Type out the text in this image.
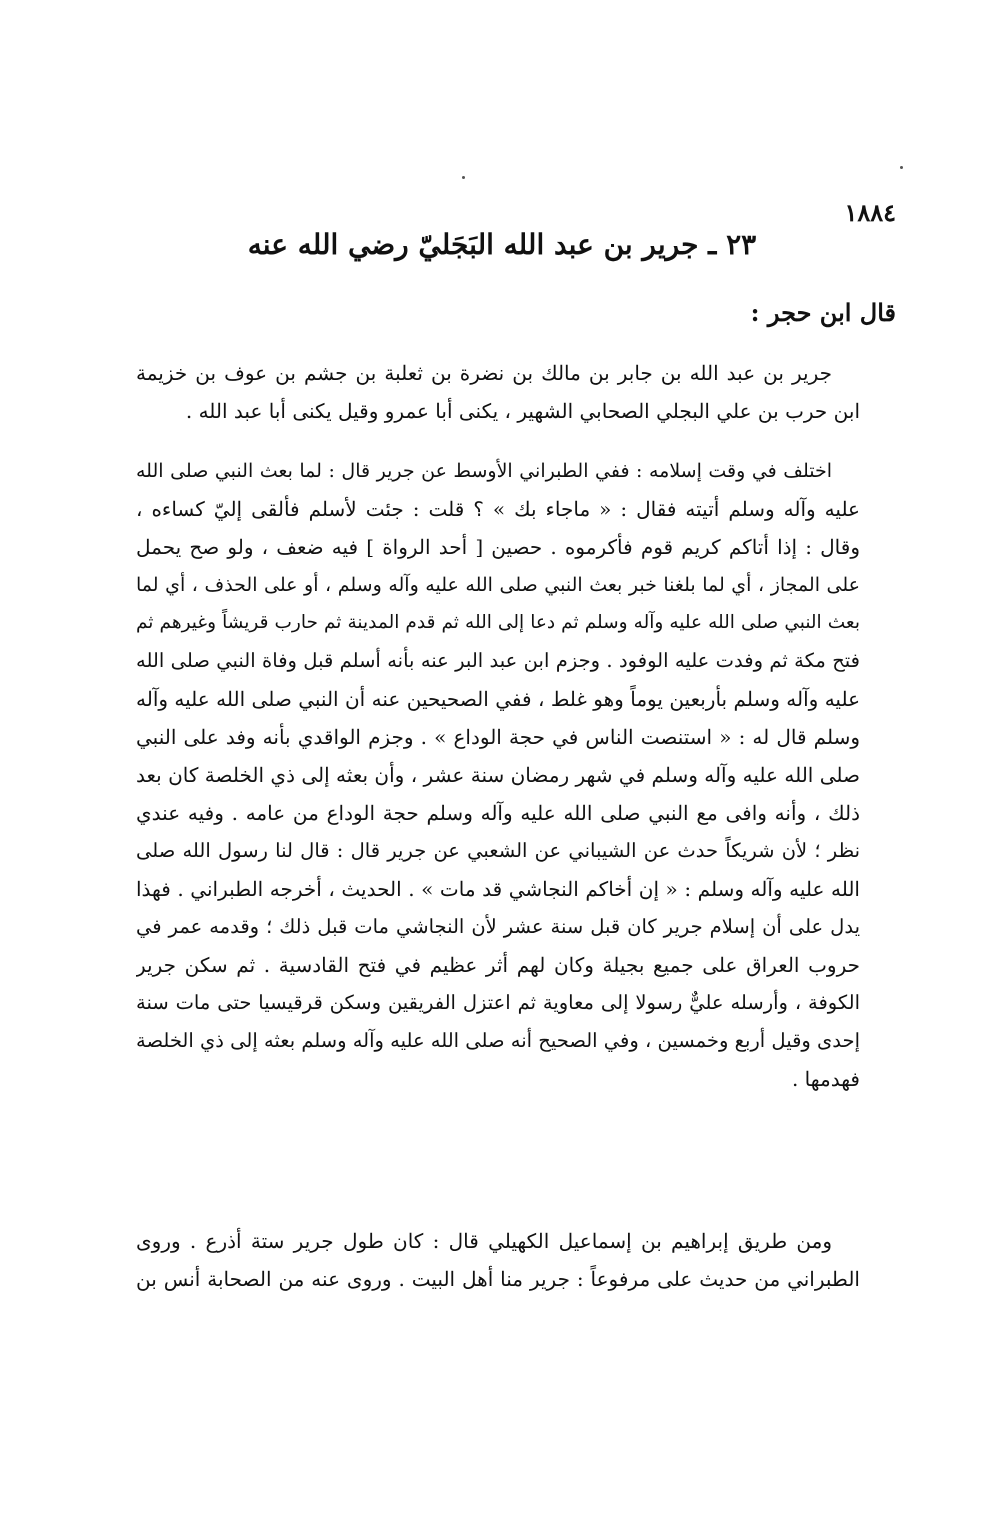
١٨٨٤
٢٣ ـ جرير بن عبد الله البَجَليّ رضي الله عنه
قال ابن حجر :
جرير بن عبد الله بن جابر بن مالك بن نضرة بن ثعلبة بن جشم بن عوف بن خزيمة
ابن حرب بن علي البجلي الصحابي الشهير ، يكنى أبا عمرو وقيل يكنى أبا عبد الله .
اختلف في وقت إسلامه : ففي الطبراني الأوسط عن جرير قال : لما بعث النبي صلى الله
عليه وآله وسلم أتيته فقال : « ماجاء بك » ؟ قلت : جئت لأسلم فألقى إليّ كساءه ،
وقال : إذا أتاكم كريم قوم فأكرموه . حصين [ أحد الرواة ] فيه ضعف ، ولو صح يحمل
على المجاز ، أي لما بلغنا خبر بعث النبي صلى الله عليه وآله وسلم ، أو على الحذف ، أي لما
بعث النبي صلى الله عليه وآله وسلم ثم دعا إلى الله ثم قدم المدينة ثم حارب قريشاً وغيرهم ثم
فتح مكة ثم وفدت عليه الوفود . وجزم ابن عبد البر عنه بأنه أسلم قبل وفاة النبي صلى الله
عليه وآله وسلم بأربعين يوماً وهو غلط ، ففي الصحيحين عنه أن النبي صلى الله عليه وآله
وسلم قال له : « استنصت الناس في حجة الوداع » . وجزم الواقدي بأنه وفد على النبي
صلى الله عليه وآله وسلم في شهر رمضان سنة عشر ، وأن بعثه إلى ذي الخلصة كان بعد
ذلك ، وأنه وافى مع النبي صلى الله عليه وآله وسلم حجة الوداع من عامه . وفيه عندي
نظر ؛ لأن شريكاً حدث عن الشيباني عن الشعبي عن جرير قال : قال لنا رسول الله صلى
الله عليه وآله وسلم : « إن أخاكم النجاشي قد مات » . الحديث ، أخرجه الطبراني . فهذا
يدل على أن إسلام جرير كان قبل سنة عشر لأن النجاشي مات قبل ذلك ؛ وقدمه عمر في
حروب العراق على جميع بجيلة وكان لهم أثر عظيم في فتح القادسية . ثم سكن جرير
الكوفة ، وأرسله عليٌّ رسولا إلى معاوية ثم اعتزل الفريقين وسكن قرقيسيا حتى مات سنة
إحدى وقيل أربع وخمسين ، وفي الصحيح أنه صلى الله عليه وآله وسلم بعثه إلى ذي الخلصة
فهدمها .
ومن طريق إبراهيم بن إسماعيل الكهيلي قال : كان طول جرير ستة أذرع . وروى
الطبراني من حديث على مرفوعاً : جرير منا أهل البيت . وروى عنه من الصحابة أنس بن
